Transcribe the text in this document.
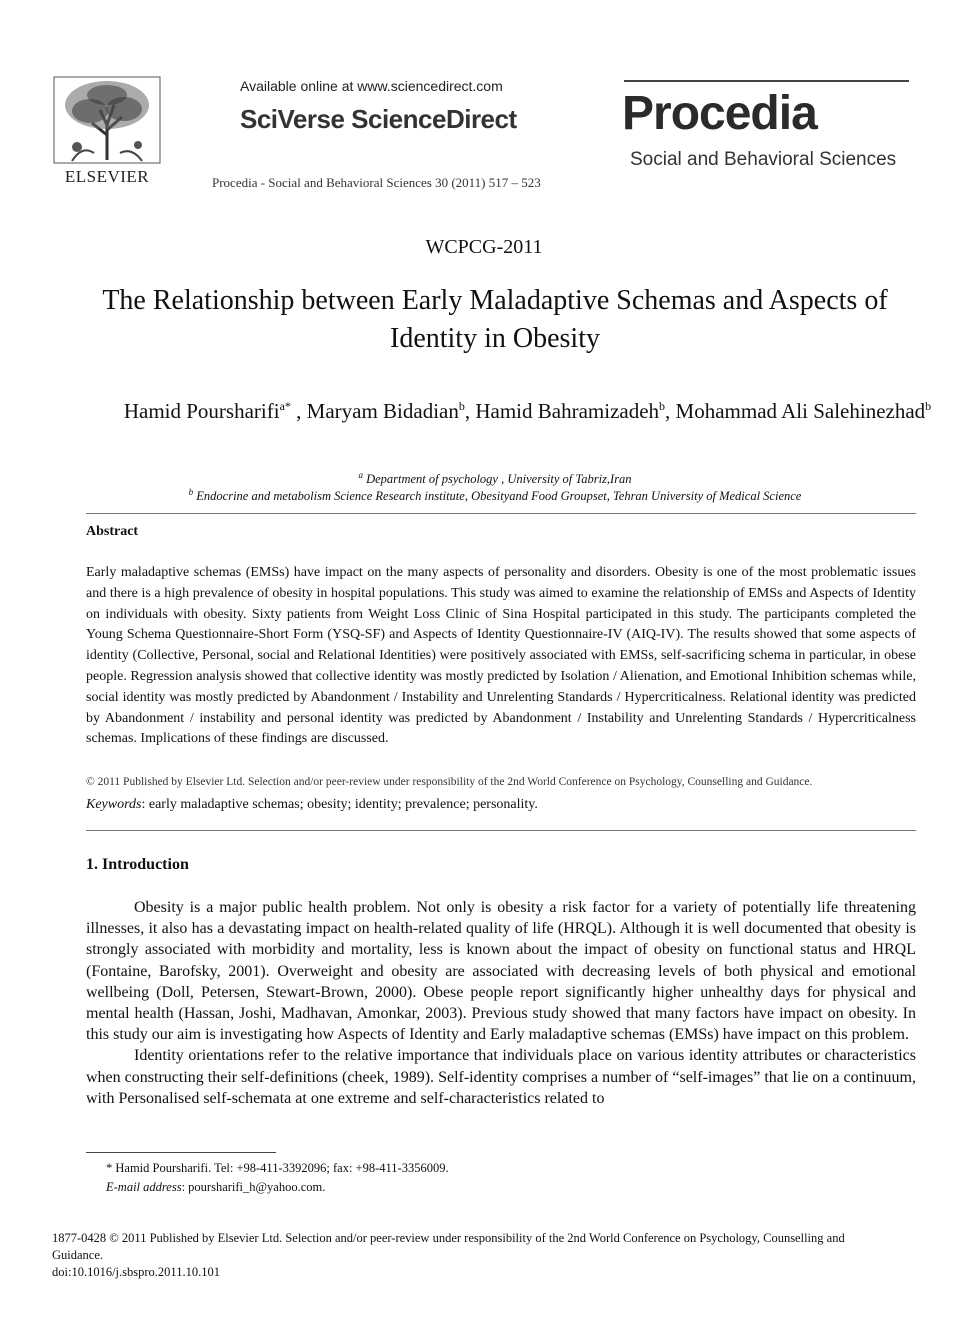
ELSEVIER
Available online at www.sciencedirect.com
SciVerse ScienceDirect
Procedia - Social and Behavioral Sciences 30 (2011) 517 – 523
Procedia
Social and Behavioral Sciences
WCPCG-2011
The Relationship between Early Maladaptive Schemas and Aspects of Identity in Obesity
Hamid Poursharifi$^{a*}$ , Maryam Bidadian$^b$, Hamid Bahramizadeh$^b$, Mohammad Ali Salehinezhad$^b$
$^a$ Department of psychology , University of Tabriz,Iran
$^b$ Endocrine and metabolism Science Research institute, Obesityand Food Groupset, Tehran University of Medical Science
Abstract
Early maladaptive schemas (EMSs) have impact on the many aspects of personality and disorders. Obesity is one of the most problematic issues and there is a high prevalence of obesity in hospital populations. This study was aimed to examine the relationship of EMSs and Aspects of Identity on individuals with obesity. Sixty patients from Weight Loss Clinic of Sina Hospital participated in this study. The participants completed the Young Schema Questionnaire-Short Form (YSQ-SF) and Aspects of Identity Questionnaire-IV (AIQ-IV). The results showed that some aspects of identity (Collective, Personal, social and Relational Identities) were positively associated with EMSs, self-sacrificing schema in particular, in obese people. Regression analysis showed that collective identity was mostly predicted by Isolation / Alienation, and Emotional Inhibition schemas while, social identity was mostly predicted by Abandonment / Instability and Unrelenting Standards / Hypercriticalness. Relational identity was predicted by Abandonment / instability and personal identity was predicted by Abandonment / Instability and Unrelenting Standards / Hypercriticalness schemas. Implications of these findings are discussed.
© 2011 Published by Elsevier Ltd. Selection and/or peer-review under responsibility of the 2nd World Conference on Psychology, Counselling and Guidance.
Keywords: early maladaptive schemas; obesity; identity; prevalence; personality.
1. Introduction

Obesity is a major public health problem. Not only is obesity a risk factor for a variety of potentially life threatening illnesses, it also has a devastating impact on health-related quality of life (HRQL). Although it is well documented that obesity is strongly associated with morbidity and mortality, less is known about the impact of obesity on functional status and HRQL (Fontaine, Barofsky, 2001). Overweight and obesity are associated with decreasing levels of both physical and emotional wellbeing (Doll, Petersen, Stewart-Brown, 2000). Obese people report significantly higher unhealthy days for physical and mental health (Hassan, Joshi, Madhavan, Amonkar, 2003). Previous study showed that many factors have impact on obesity. In this study our aim is investigating how Aspects of Identity and Early maladaptive schemas (EMSs) have impact on this problem.

Identity orientations refer to the relative importance that individuals place on various identity attributes or characteristics when constructing their self-definitions (cheek, 1989). Self-identity comprises a number of “self-images” that lie on a continuum, with Personalised self-schemata at one extreme and self-characteristics related to

* Hamid Poursharifi. Tel: +98-411-3392096; fax: +98-411-3356009.
E-mail address: poursharifi_h@yahoo.com.
1877-0428 © 2011 Published by Elsevier Ltd. Selection and/or peer-review under responsibility of the 2nd World Conference on Psychology, Counselling and Guidance.
doi:10.1016/j.sbspro.2011.10.101
